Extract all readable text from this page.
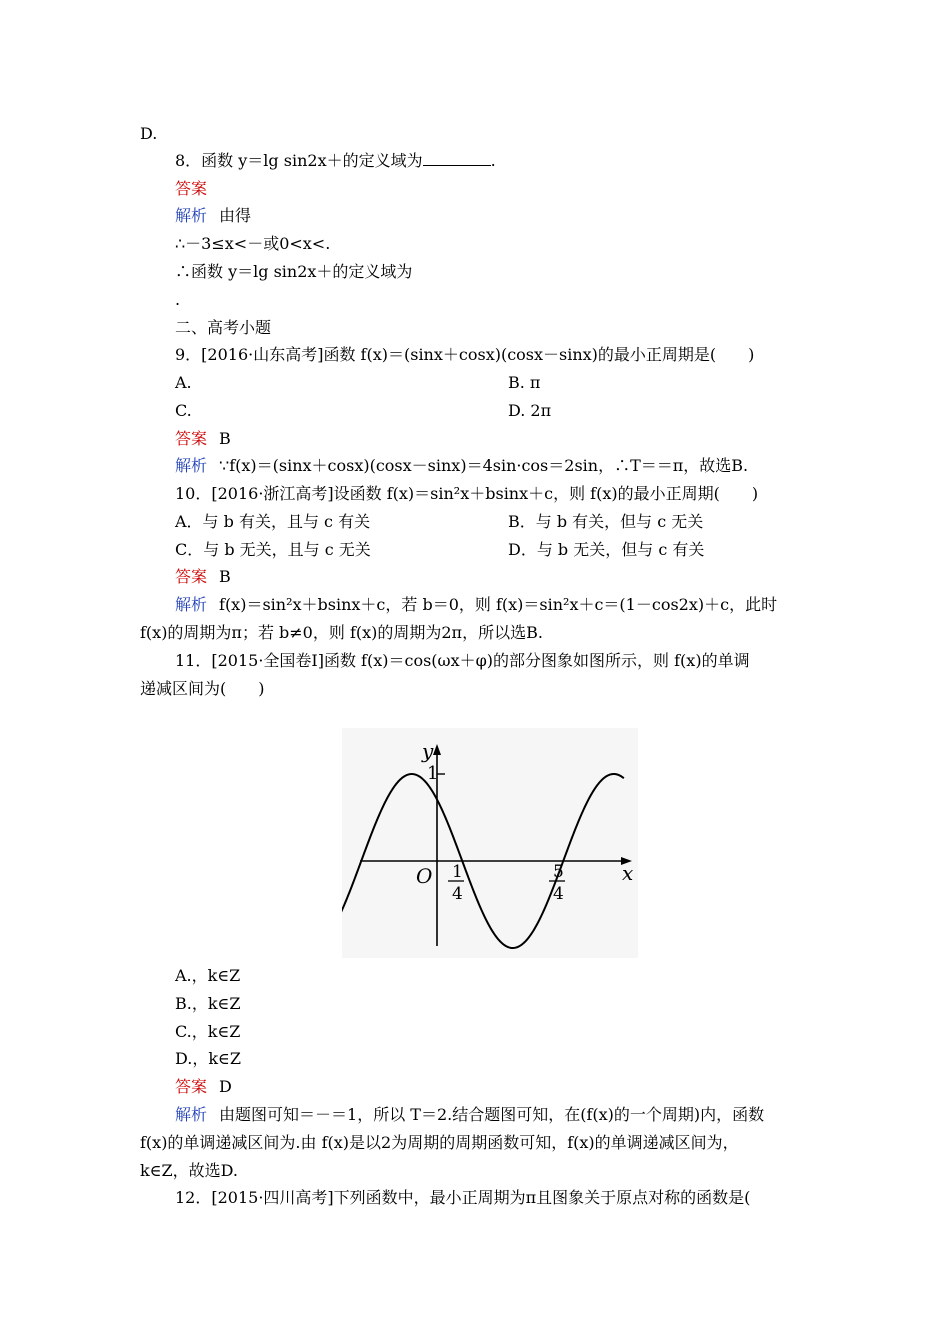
D.
8．函数 y＝lg sin2x＋的定义域为	.
答案
解析 由得
∴－3≤x<－或0<x<.
∴函数 y＝lg sin2x＋的定义域为
.
二、高考小题
9．[2016·山东高考]函数 f(x)＝(sinx＋cosx)(cosx－sinx)的最小正周期是(　　)
A.	B. π
C.	D. 2π
答案 B
解析 ∵f(x)＝(sinx＋cosx)(cosx－sinx)＝4sin·cos＝2sin，∴T＝＝π，故选B.
10．[2016·浙江高考]设函数 f(x)＝sin²x＋bsinx＋c，则 f(x)的最小正周期(　　)
A．与 b 有关，且与 c 有关	B．与 b 有关，但与 c 无关
C．与 b 无关，且与 c 无关	D．与 b 无关，但与 c 有关
答案 B
解析 f(x)＝sin²x＋bsinx＋c，若 b＝0，则 f(x)＝sin²x＋c＝(1－cos2x)＋c，此时
f(x)的周期为π；若 b≠0，则 f(x)的周期为2π，所以选B.
11．[2015·全国卷Ⅰ]函数 f(x)＝cos(ωx＋φ)的部分图象如图所示，则 f(x)的单调
递减区间为(　　)
A.，k∈Z
B.，k∈Z
C.，k∈Z
D.，k∈Z
答案 D
解析 由题图可知＝－＝1，所以 T＝2.结合题图可知，在(f(x)的一个周期)内，函数
f(x)的单调递减区间为.由 f(x)是以2为周期的周期函数可知，f(x)的单调递减区间为，
k∈Z，故选D.
12．[2015·四川高考]下列函数中，最小正周期为π且图象关于原点对称的函数是(
y
x
O
1
1
4
5
4
